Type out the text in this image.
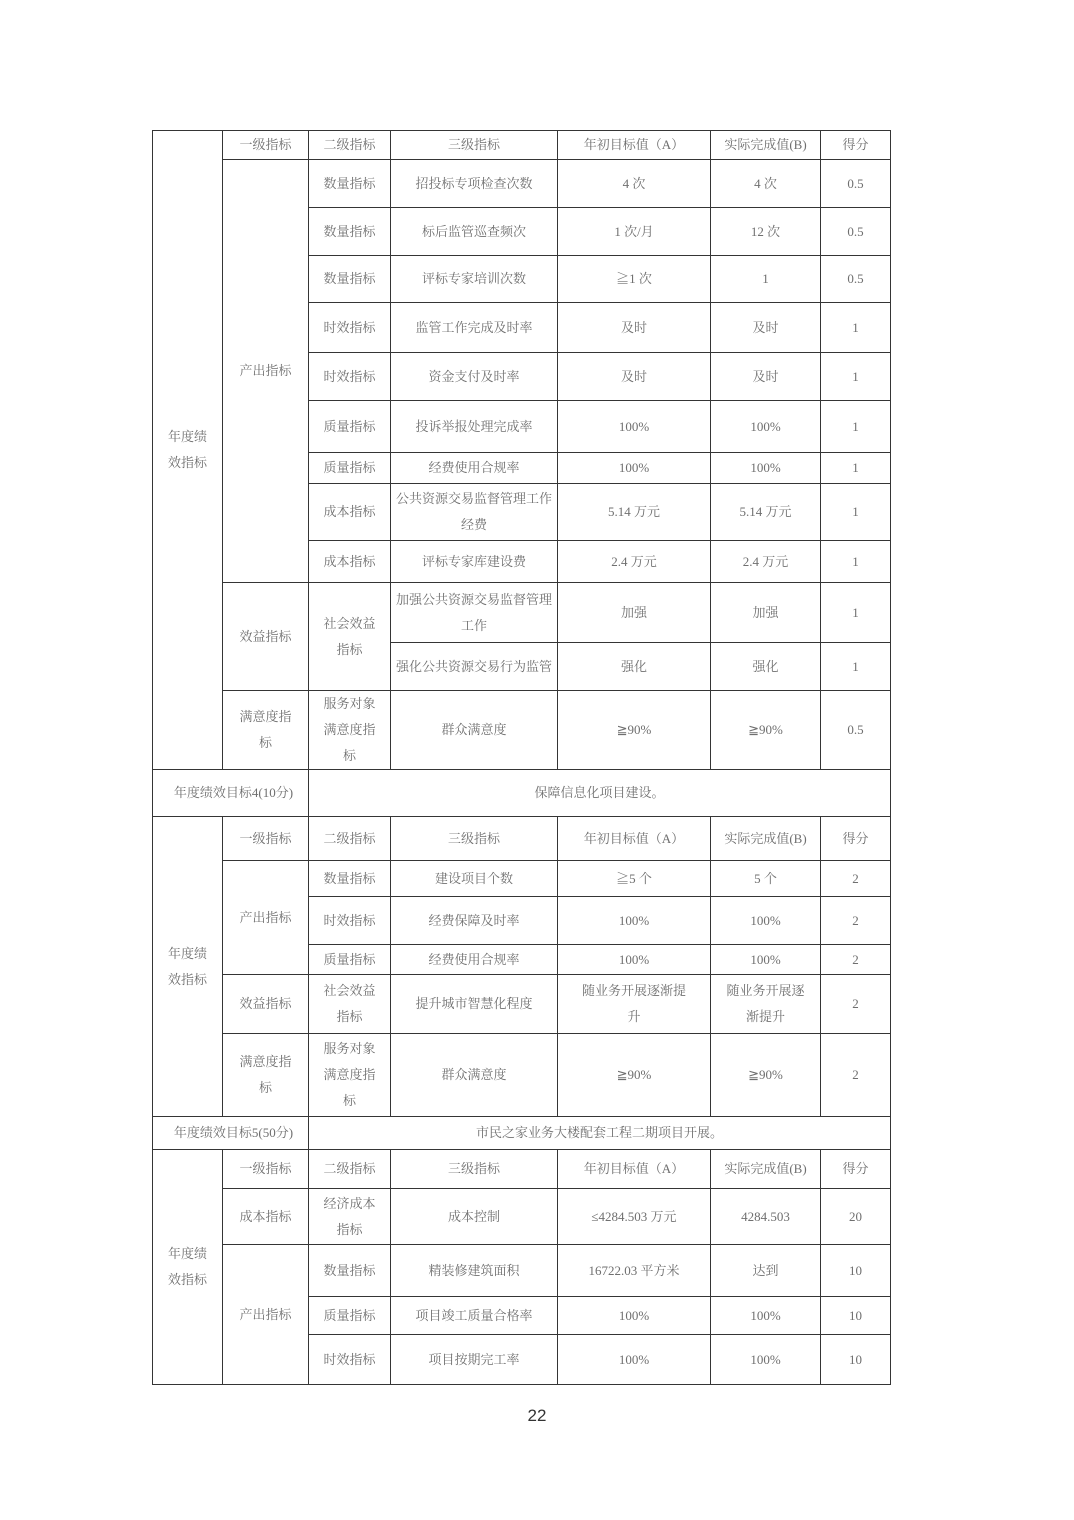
年度绩效指标	一级指标	二级指标	三级指标	年初目标值（A）	实际完成值(B)	得分
	产出指标	数量指标	招投标专项检查次数	4 次	4 次	0.5
		数量指标	标后监管巡查频次	1 次/月	12 次	0.5
		数量指标	评标专家培训次数	≧1 次	1	0.5
		时效指标	监管工作完成及时率	及时	及时	1
		时效指标	资金支付及时率	及时	及时	1
		质量指标	投诉举报处理完成率	100%	100%	1
		质量指标	经费使用合规率	100%	100%	1
		成本指标	公共资源交易监督管理工作经费	5.14 万元	5.14 万元	1
		成本指标	评标专家库建设费	2.4 万元	2.4 万元	1
	效益指标	社会效益指标	加强公共资源交易监督管理工作	加强	加强	1
			强化公共资源交易行为监管	强化	强化	1
	满意度指标	服务对象满意度指标	群众满意度	≧90%	≧90%	0.5
年度绩效目标4(10分)		保障信息化项目建设。				
年度绩效指标	一级指标	二级指标	三级指标	年初目标值（A）	实际完成值(B)	得分
	产出指标	数量指标	建设项目个数	≧5 个	5 个	2
		时效指标	经费保障及时率	100%	100%	2
		质量指标	经费使用合规率	100%	100%	2
	效益指标	社会效益指标	提升城市智慧化程度	随业务开展逐渐提升	随业务开展逐渐提升	2
	满意度指标	服务对象满意度指标	群众满意度	≧90%	≧90%	2
年度绩效目标5(50分)		市民之家业务大楼配套工程二期项目开展。				
年度绩效指标	一级指标	二级指标	三级指标	年初目标值（A）	实际完成值(B)	得分
	成本指标	经济成本指标	成本控制	≤4284.503 万元	4284.503	20
	产出指标	数量指标	精装修建筑面积	16722.03 平方米	达到	10
		质量指标	项目竣工质量合格率	100%	100%	10
		时效指标	项目按期完工率	100%	100%	10
22
